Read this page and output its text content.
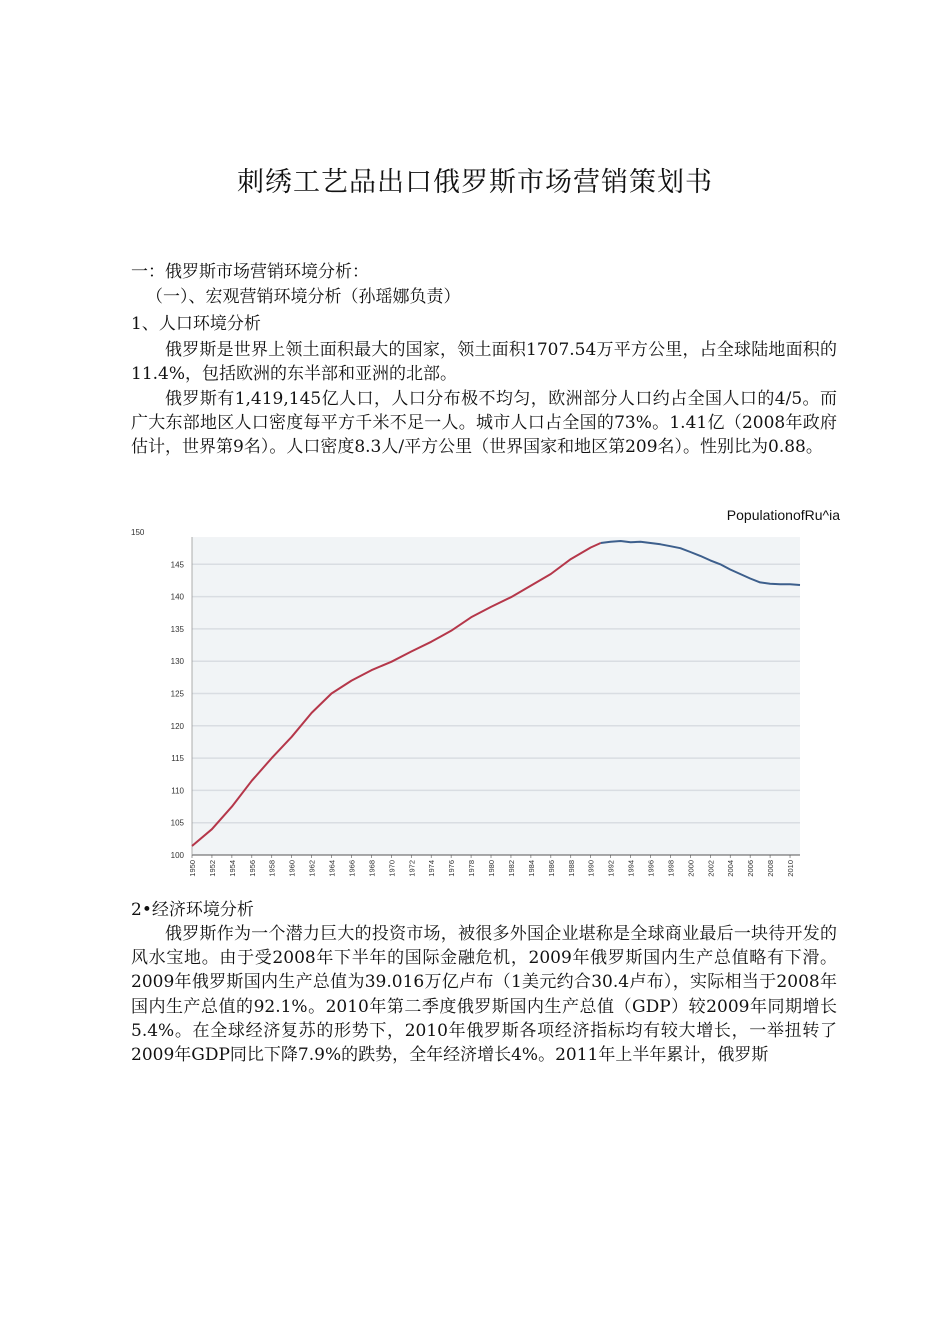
刺绣工艺品出口俄罗斯市场营销策划书
一：俄罗斯市场营销环境分析：
（一）、宏观营销环境分析（孙瑶娜负责）
1、人口环境分析
俄罗斯是世界上领土面积最大的国家，领土面积1707.54万平方公里，占全球陆地面积的11.4%，包括欧洲的东半部和亚洲的北部。
俄罗斯有1,419,145亿人口，人口分布极不均匀，欧洲部分人口约占全国人口的4/5。而广大东部地区人口密度每平方千米不足一人。城市人口占全国的73%。1.41亿（2008年政府估计，世界第9名）。人口密度8.3人/平方公里（世界国家和地区第209名）。性别比为0.88。
PopulationofRu^ia
100
105
110
115
120
125
130
135
140
145
150
1950 1952 1954 1956 1958 1960 1962 1964 1966 1968 1970 1972 1974 1976 1978 1980 1982 1984 1986 1988 1990 1992 1994 1996 1998 2000 2002 2004 2006 2008 2010
2•经济环境分析
俄罗斯作为一个潜力巨大的投资市场，被很多外国企业堪称是全球商业最后一块待开发的风水宝地。由于受2008年下半年的国际金融危机，2009年俄罗斯国内生产总值略有下滑。2009年俄罗斯国内生产总值为39.016万亿卢布（1美元约合30.4卢布），实际相当于2008年国内生产总值的92.1%。2010年第二季度俄罗斯国内生产总值（GDP）较2009年同期增长5.4%。在全球经济复苏的形势下，2010年俄罗斯各项经济指标均有较大增长，一举扭转了2009年GDP同比下降7.9%的跌势，全年经济增长4%。2011年上半年累计，俄罗斯
